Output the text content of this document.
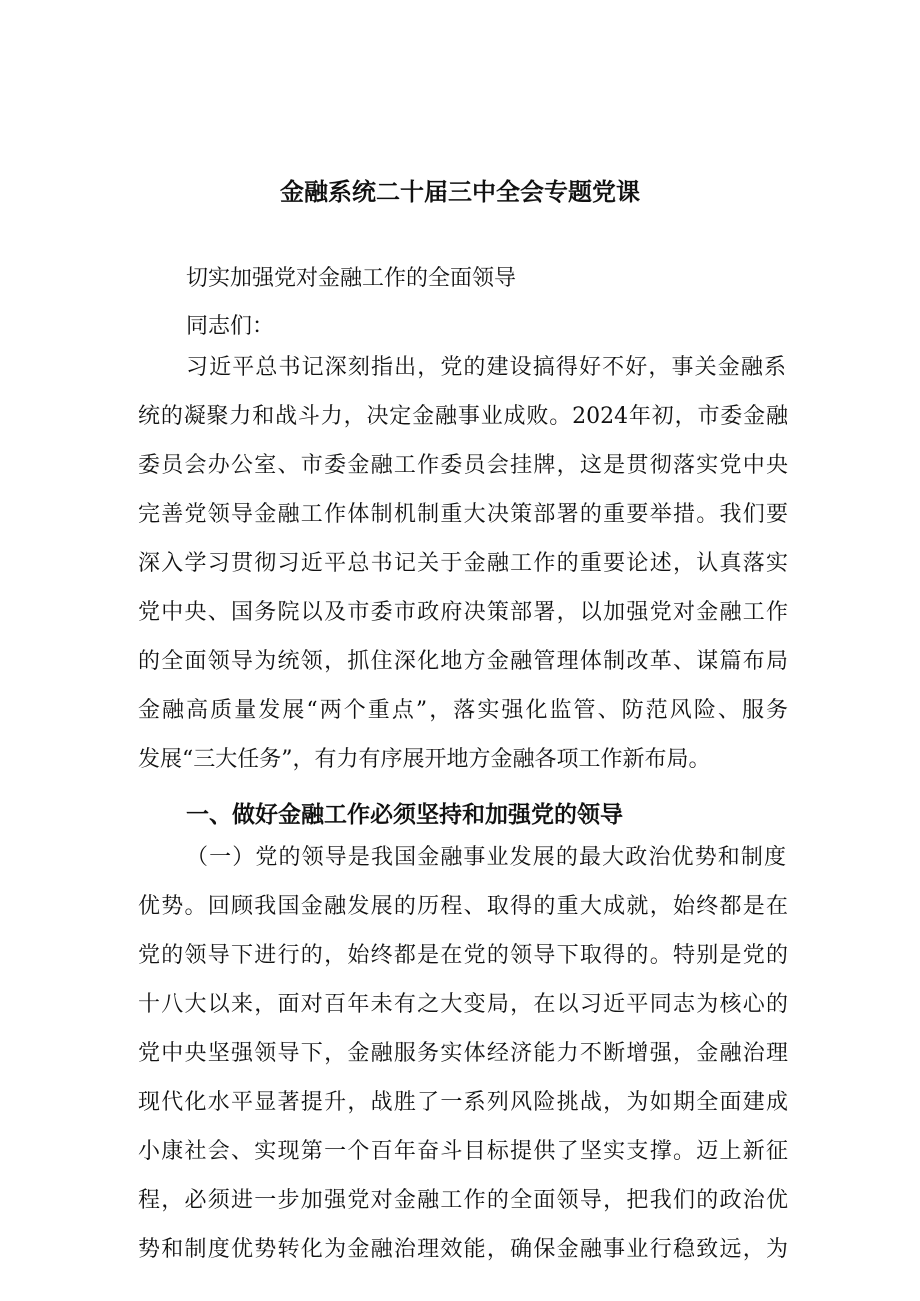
金融系统二十届三中全会专题党课
切实加强党对金融工作的全面领导
同志们：
习近平总书记深刻指出，党的建设搞得好不好，事关金融系
统的凝聚力和战斗力，决定金融事业成败。2024年初，市委金融
委员会办公室、市委金融工作委员会挂牌，这是贯彻落实党中央
完善党领导金融工作体制机制重大决策部署的重要举措。我们要
深入学习贯彻习近平总书记关于金融工作的重要论述，认真落实
党中央、国务院以及市委市政府决策部署，以加强党对金融工作
的全面领导为统领，抓住深化地方金融管理体制改革、谋篇布局
金融高质量发展“两个重点”，落实强化监管、防范风险、服务
发展“三大任务”，有力有序展开地方金融各项工作新布局。
一、做好金融工作必须坚持和加强党的领导
（一）党的领导是我国金融事业发展的最大政治优势和制度
优势。回顾我国金融发展的历程、取得的重大成就，始终都是在
党的领导下进行的，始终都是在党的领导下取得的。特别是党的
十八大以来，面对百年未有之大变局，在以习近平同志为核心的
党中央坚强领导下，金融服务实体经济能力不断增强，金融治理
现代化水平显著提升，战胜了一系列风险挑战，为如期全面建成
小康社会、实现第一个百年奋斗目标提供了坚实支撑。迈上新征
程，必须进一步加强党对金融工作的全面领导，把我们的政治优
势和制度优势转化为金融治理效能，确保金融事业行稳致远，为
